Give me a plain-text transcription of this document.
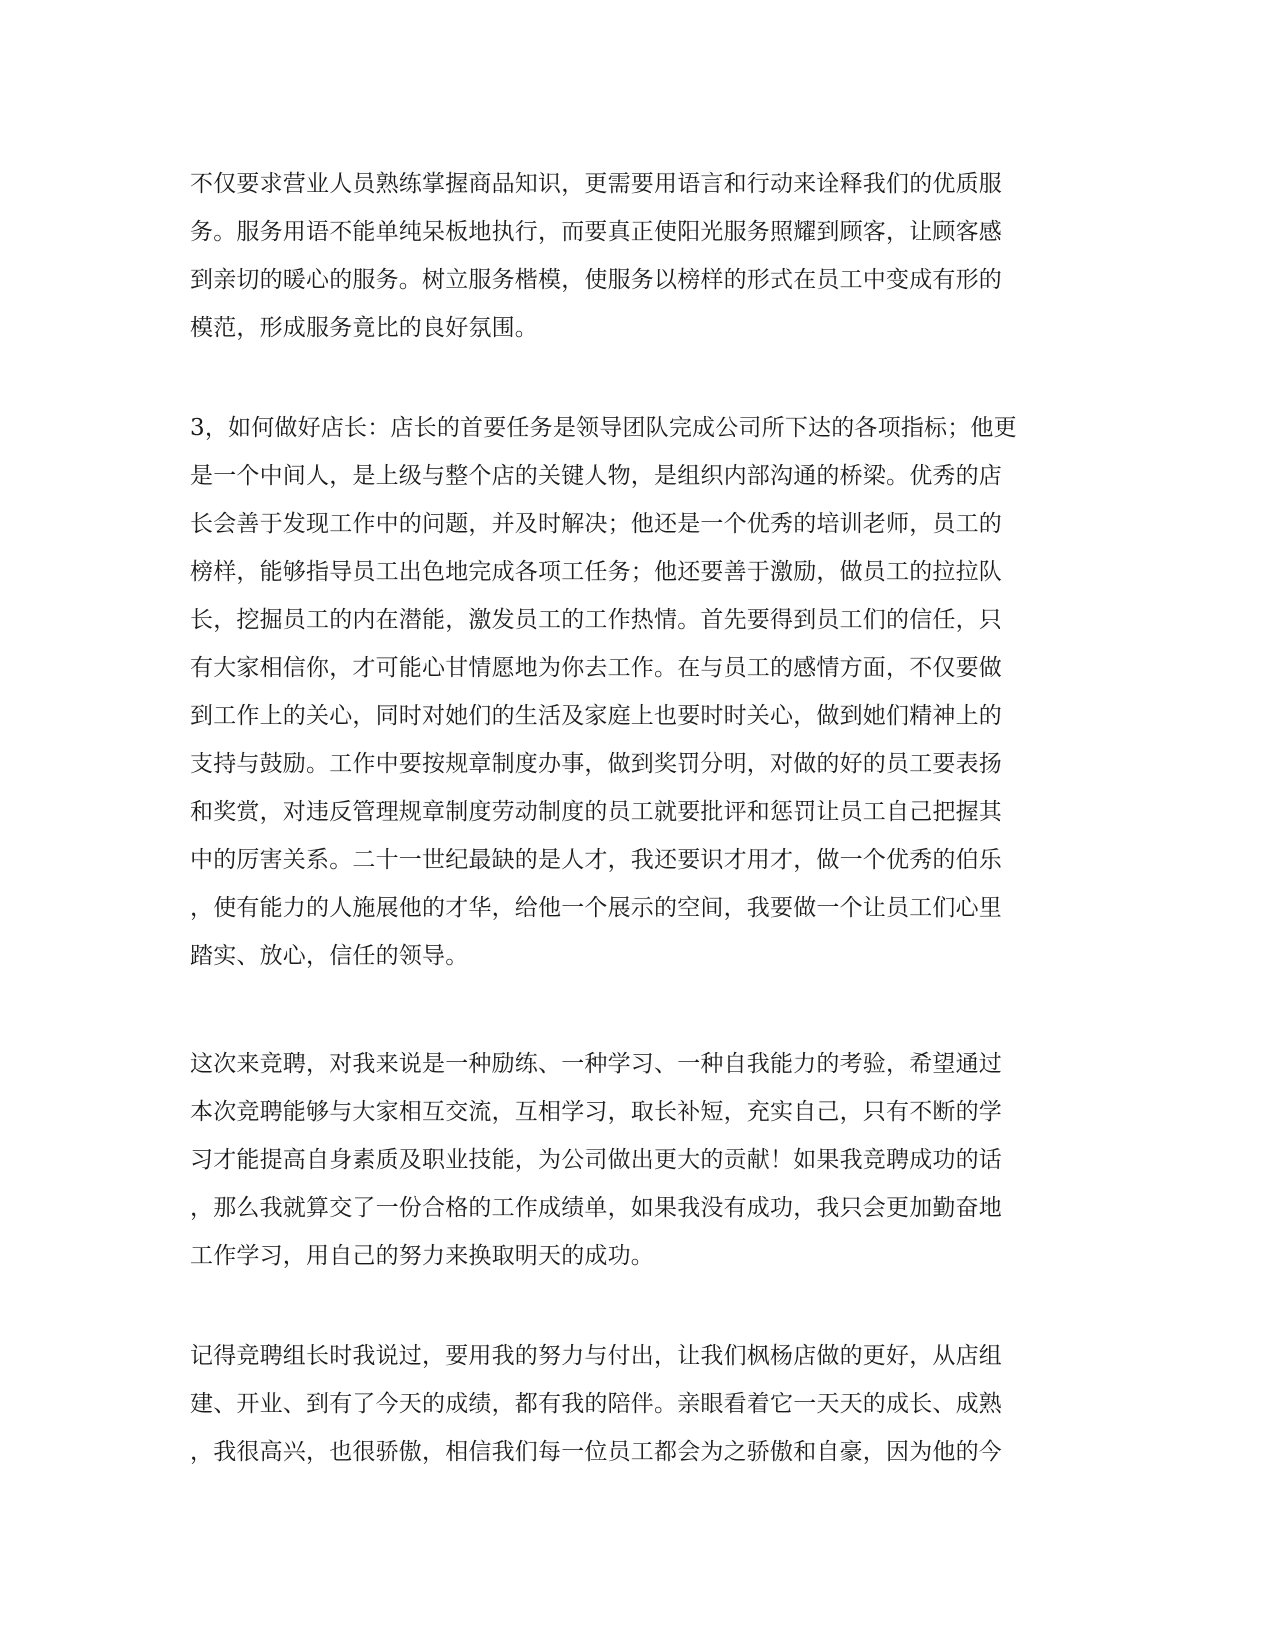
不仅要求营业人员熟练掌握商品知识，更需要用语言和行动来诠释我们的优质服
务。服务用语不能单纯呆板地执行，而要真正使阳光服务照耀到顾客，让顾客感
到亲切的暖心的服务。树立服务楷模，使服务以榜样的形式在员工中变成有形的
模范，形成服务竟比的良好氛围。
3，如何做好店长：店长的首要任务是领导团队完成公司所下达的各项指标；他更
是一个中间人，是上级与整个店的关键人物，是组织内部沟通的桥梁。优秀的店
长会善于发现工作中的问题，并及时解决；他还是一个优秀的培训老师，员工的
榜样，能够指导员工出色地完成各项工任务；他还要善于激励，做员工的拉拉队
长，挖掘员工的内在潜能，激发员工的工作热情。首先要得到员工们的信任，只
有大家相信你，才可能心甘情愿地为你去工作。在与员工的感情方面，不仅要做
到工作上的关心，同时对她们的生活及家庭上也要时时关心，做到她们精神上的
支持与鼓励。工作中要按规章制度办事，做到奖罚分明，对做的好的员工要表扬
和奖赏，对违反管理规章制度劳动制度的员工就要批评和惩罚让员工自己把握其
中的厉害关系。二十一世纪最缺的是人才，我还要识才用才，做一个优秀的伯乐
，使有能力的人施展他的才华，给他一个展示的空间，我要做一个让员工们心里
踏实、放心，信任的领导。
这次来竞聘，对我来说是一种励练、一种学习、一种自我能力的考验，希望通过
本次竞聘能够与大家相互交流，互相学习，取长补短，充实自己，只有不断的学
习才能提高自身素质及职业技能，为公司做出更大的贡献！如果我竞聘成功的话
，那么我就算交了一份合格的工作成绩单，如果我没有成功，我只会更加勤奋地
工作学习，用自己的努力来换取明天的成功。
记得竞聘组长时我说过，要用我的努力与付出，让我们枫杨店做的更好，从店组
建、开业、到有了今天的成绩，都有我的陪伴。亲眼看着它一天天的成长、成熟
，我很高兴，也很骄傲，相信我们每一位员工都会为之骄傲和自豪，因为他的今
